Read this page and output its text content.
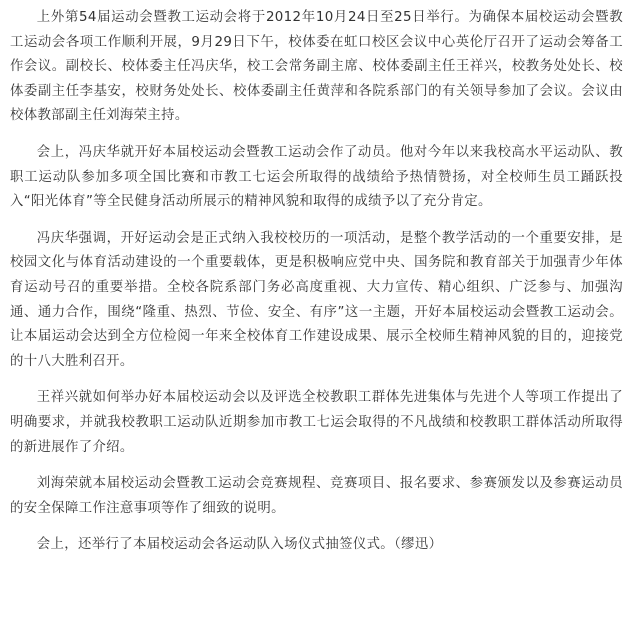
上外第54届运动会暨教工运动会将于2012年10月24日至25日举行。为确保本届校运动会暨教工运动会各项工作顺利开展，9月29日下午，校体委在虹口校区会议中心英伦厅召开了运动会筹备工作会议。副校长、校体委主任冯庆华，校工会常务副主席、校体委副主任王祥兴，校教务处处长、校体委副主任李基安，校财务处处长、校体委副主任黄萍和各院系部门的有关领导参加了会议。会议由校体教部副主任刘海荣主持。

会上，冯庆华就开好本届校运动会暨教工运动会作了动员。他对今年以来我校高水平运动队、教职工运动队参加多项全国比赛和市教工七运会所取得的战绩给予热情赞扬，对全校师生员工踊跃投入“阳光体育”等全民健身活动所展示的精神风貌和取得的成绩予以了充分肯定。

冯庆华强调，开好运动会是正式纳入我校校历的一项活动，是整个教学活动的一个重要安排，是校园文化与体育活动建设的一个重要载体，更是积极响应党中央、国务院和教育部关于加强青少年体育运动号召的重要举措。全校各院系部门务必高度重视、大力宣传、精心组织、广泛参与、加强沟通、通力合作，围绕“隆重、热烈、节俭、安全、有序”这一主题，开好本届校运动会暨教工运动会。让本届运动会达到全方位检阅一年来全校体育工作建设成果、展示全校师生精神风貌的目的，迎接党的十八大胜利召开。

王祥兴就如何举办好本届校运动会以及评选全校教职工群体先进集体与先进个人等项工作提出了明确要求，并就我校教职工运动队近期参加市教工七运会取得的不凡战绩和校教职工群体活动所取得的新进展作了介绍。

刘海荣就本届校运动会暨教工运动会竞赛规程、竞赛项目、报名要求、参赛颁发以及参赛运动员的安全保障工作注意事项等作了细致的说明。

会上，还举行了本届校运动会各运动队入场仪式抽签仪式。（缪迅）
